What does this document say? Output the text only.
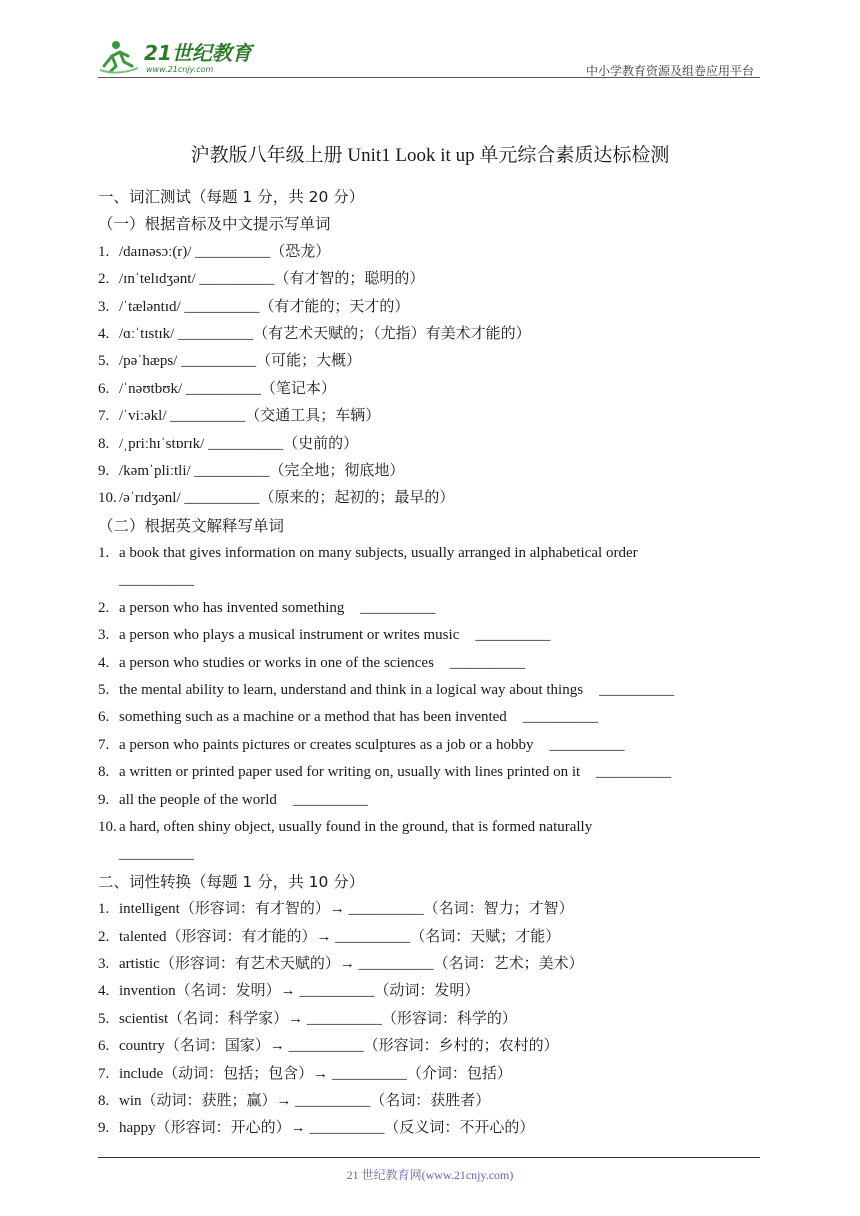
21世纪教育
www.21cnjy.com	中小学教育资源及组卷应用平台
沪教版八年级上册 Unit1 Look it up 单元综合素质达标检测
一、词汇测试（每题 1 分，共 20 分）
（一）根据音标及中文提示写单词
1. /daɪnəsɔː(r)/ __________（恐龙）
2. /ɪnˈtelɪdʒənt/ __________（有才智的；聪明的）
3. /ˈtæləntɪd/ __________（有才能的；天才的）
4. /ɑːˈtɪstɪk/ __________（有艺术天赋的；（尤指）有美术才能的）
5. /pəˈhæps/ __________（可能；大概）
6. /ˈnəʊtbʊk/ __________（笔记本）
7. /ˈviːəkl/ __________（交通工具；车辆）
8. /ˌpriːhɪˈstɒrɪk/ __________（史前的）
9. /kəmˈpliːtli/ __________（完全地；彻底地）
10. /əˈrɪdʒənl/ __________（原来的；起初的；最早的）
（二）根据英文解释写单词
1. a book that gives information on many subjects, usually arranged in alphabetical order
__________
2. a person who has invented something __________
3. a person who plays a musical instrument or writes music __________
4. a person who studies or works in one of the sciences __________
5. the mental ability to learn, understand and think in a logical way about things __________
6. something such as a machine or a method that has been invented __________
7. a person who paints pictures or creates sculptures as a job or a hobby __________
8. a written or printed paper used for writing on, usually with lines printed on it __________
9. all the people of the world __________
10. a hard, often shiny object, usually found in the ground, that is formed naturally
__________
二、词性转换（每题 1 分，共 10 分）
1. intelligent（形容词：有才智的）→ __________（名词：智力；才智）
2. talented（形容词：有才能的）→ __________（名词：天赋；才能）
3. artistic（形容词：有艺术天赋的）→ __________（名词：艺术；美术）
4. invention（名词：发明）→ __________（动词：发明）
5. scientist（名词：科学家）→ __________（形容词：科学的）
6. country（名词：国家）→ __________（形容词：乡村的；农村的）
7. include（动词：包括；包含）→ __________（介词：包括）
8. win（动词：获胜；赢）→ __________（名词：获胜者）
9. happy（形容词：开心的）→ __________（反义词：不开心的）
21 世纪教育网(www.21cnjy.com)
